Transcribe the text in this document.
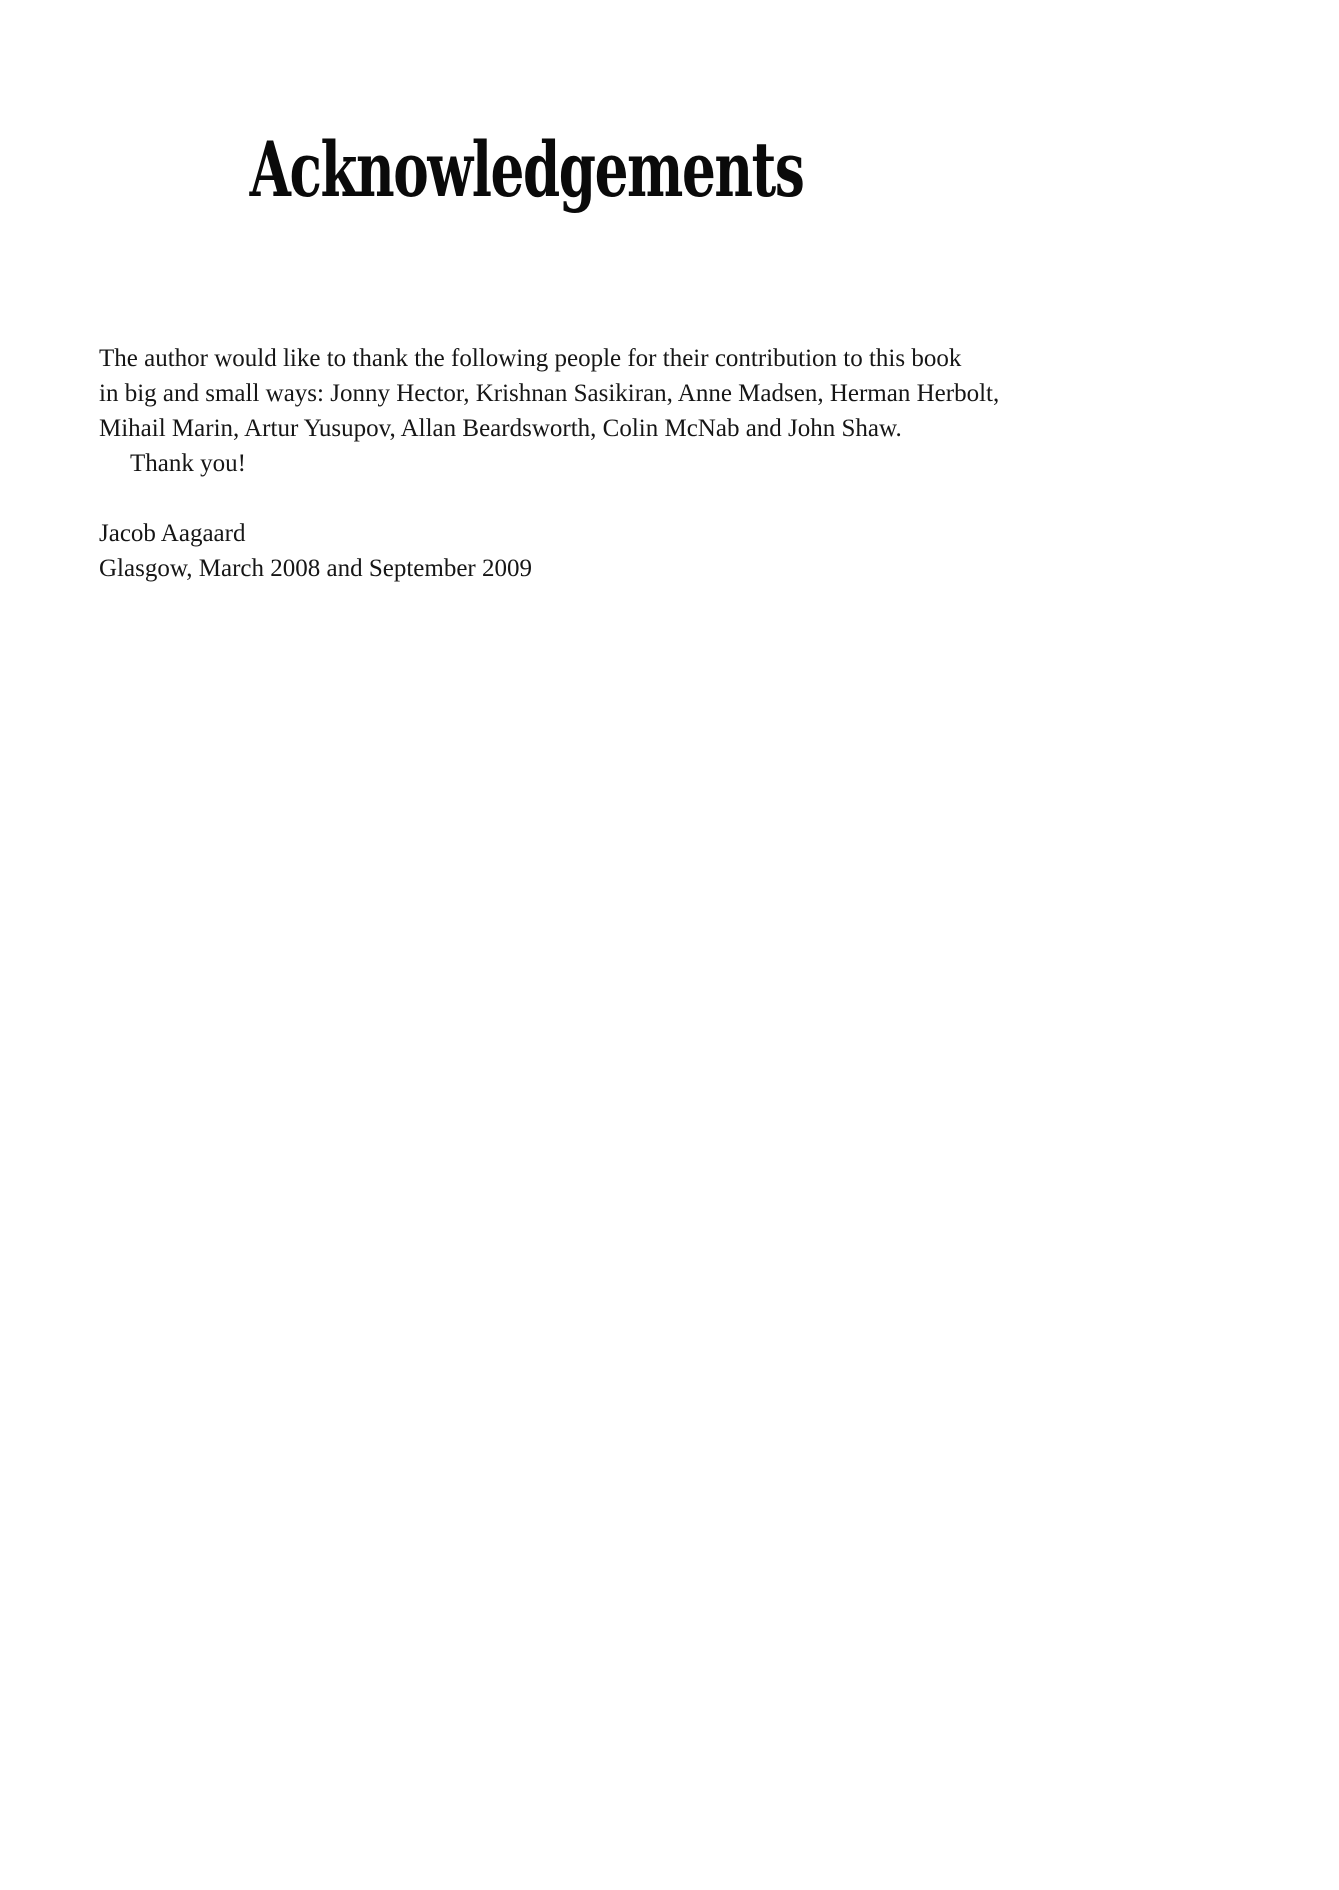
Acknowledgements
The author would like to thank the following people for their contribution to this book
in big and small ways: Jonny Hector, Krishnan Sasikiran, Anne Madsen, Herman Herbolt,
Mihail Marin, Artur Yusupov, Allan Beardsworth, Colin McNab and John Shaw.
Thank you!
Jacob Aagaard
Glasgow, March 2008 and September 2009
